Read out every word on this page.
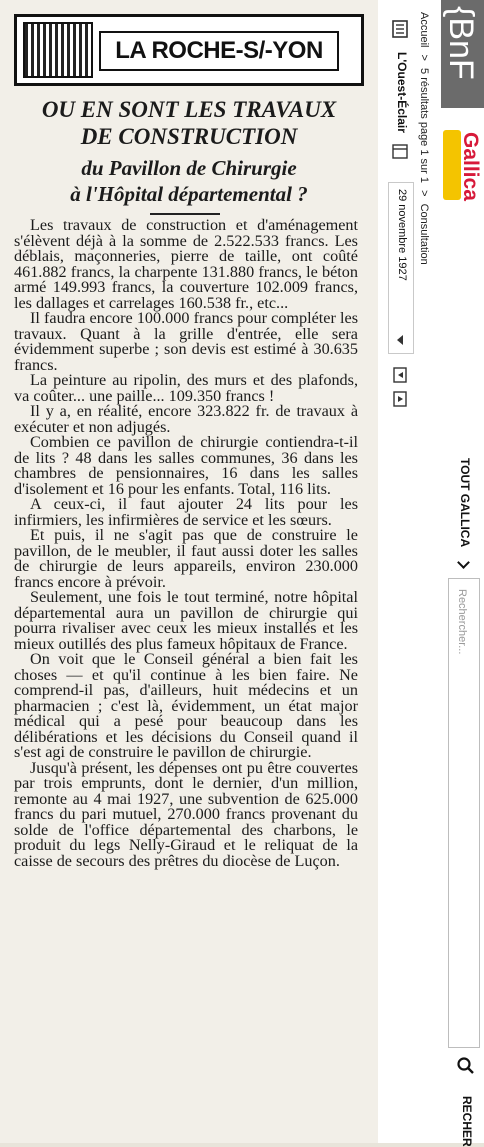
LA ROCHE-S/-YON
OU EN SONT LES TRAVAUX
DE CONSTRUCTION
du Pavillon de Chirurgie
à l'Hôpital départemental ?

Les travaux de construction et d'aménagement s'élèvent déjà à la somme de 2.522.533 francs. Les déblais, maçonneries, pierre de taille, ont coûté 461.882 francs, la charpente 131.880 francs, le béton armé 149.993 francs, la couverture 102.009 francs, les dallages et carrelages 160.538 fr., etc...

Il faudra encore 100.000 francs pour compléter les travaux. Quant à la grille d'entrée, elle sera évidemment superbe ; son devis est estimé à 30.635 francs.

La peinture au ripolin, des murs et des plafonds, va coûter... une paille... 109.350 francs !

Il y a, en réalité, encore 323.822 fr. de travaux à exécuter et non adjugés.

Combien ce pavillon de chirurgie contiendra-t-il de lits ? 48 dans les salles communes, 36 dans les chambres de pensionnaires, 16 dans les salles d'isolement et 16 pour les enfants. Total, 116 lits.

A ceux-ci, il faut ajouter 24 lits pour les infirmiers, les infirmières de service et les sœurs.

Et puis, il ne s'agit pas que de construire le pavillon, de le meubler, il faut aussi doter les salles de chirurgie de leurs appareils, environ 230.000 francs encore à prévoir.

Seulement, une fois le tout terminé, notre hôpital départemental aura un pavillon de chirurgie qui pourra rivaliser avec ceux les mieux installés et les mieux outillés des plus fameux hôpitaux de France.

On voit que le Conseil général a bien fait les choses — et qu'il continue à les bien faire. Ne comprend-il pas, d'ailleurs, huit médecins et un pharmacien ; c'est là, évidemment, un état major médical qui a pesé pour beaucoup dans les délibérations et les décisions du Conseil quand il s'est agi de construire le pavillon de chirurgie.

Jusqu'à présent, les dépenses ont pu être couvertes par trois emprunts, dont le dernier, d'un million, remonte au 4 mai 1927, une subvention de 625.000 francs du pari mutuel, 270.000 francs provenant du solde de l'office départemental des charbons, le produit du legs Nelly-Giraud et le reliquat de la caisse de secours des prêtres du diocèse de Luçon.

{BnF
Gallica
Accueil > 5 résultats page 1 sur 1 > Consultation
L'Ouest-Éclair
29 novembre 1927
TOUT GALLICA
Rechercher...
RECHER
